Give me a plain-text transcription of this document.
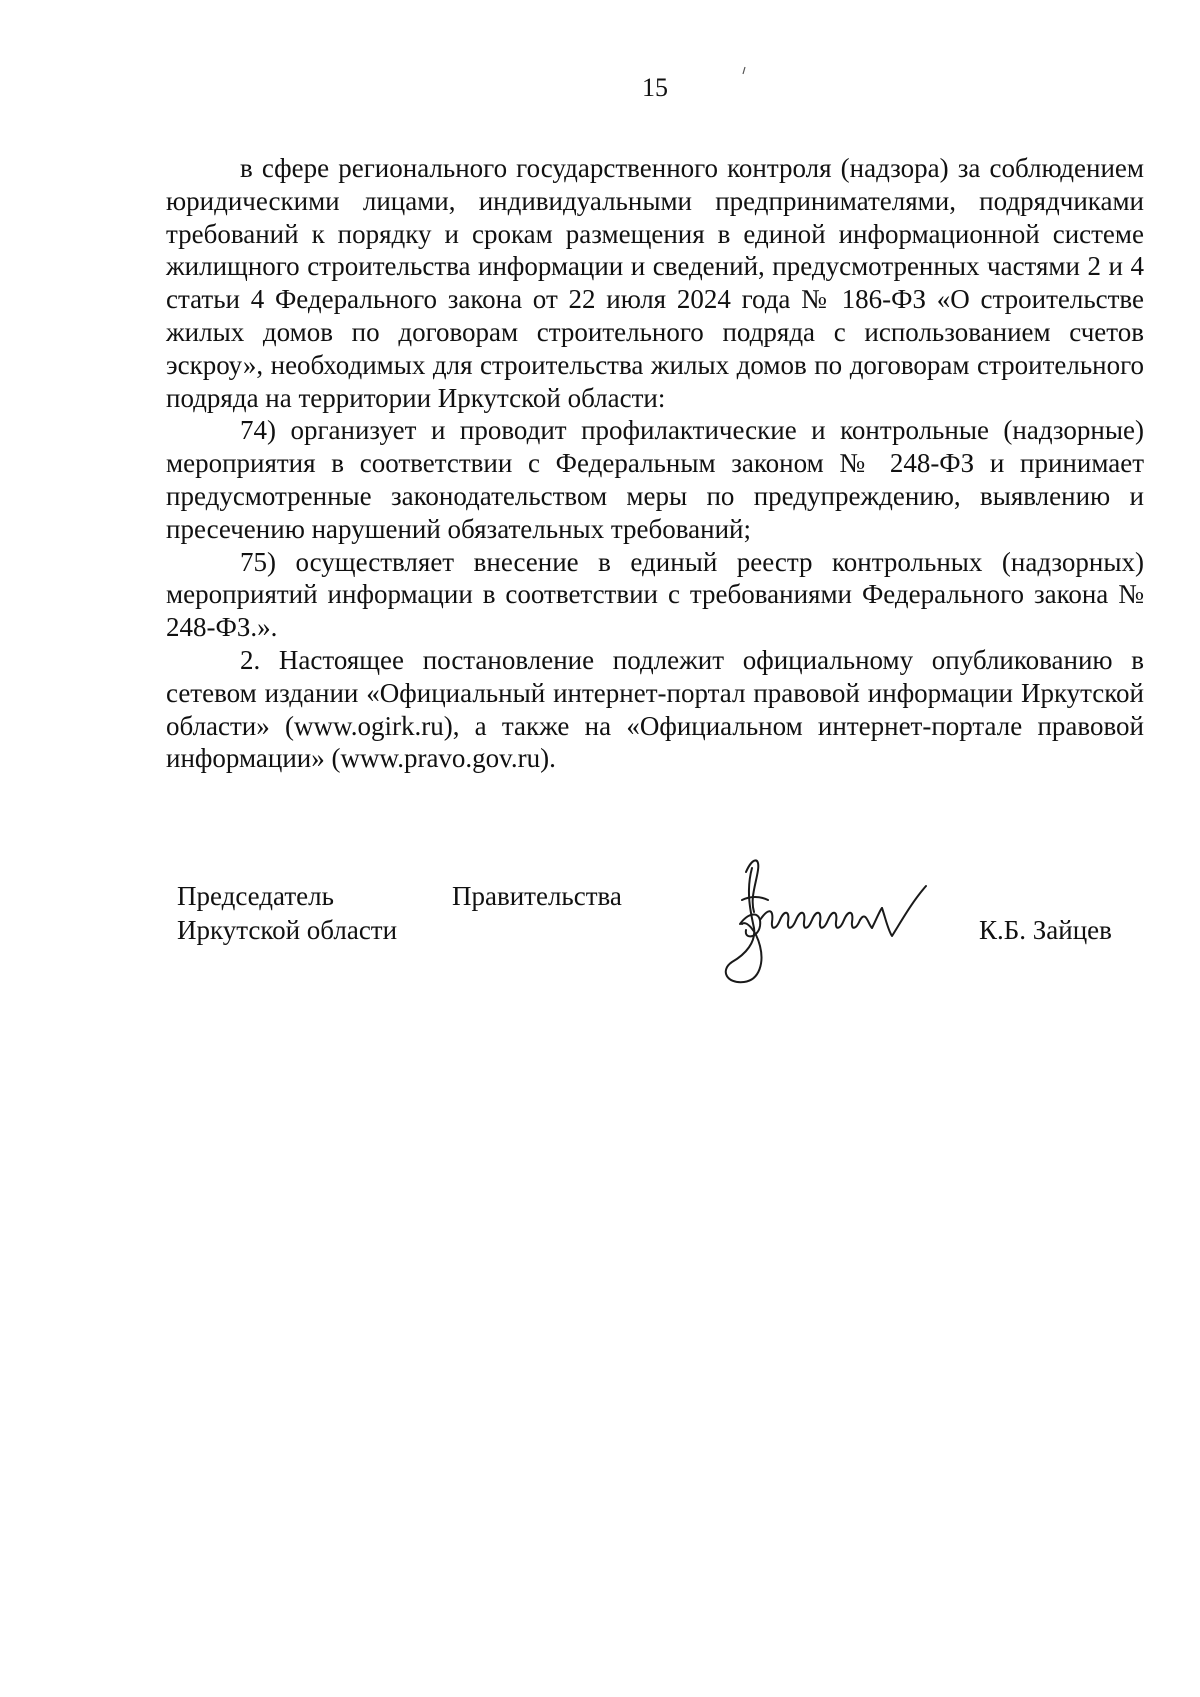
15

в сфере регионального государственного контроля (надзора) за соблюдением юридическими лицами, индивидуальными предпринимателями, подрядчиками требований к порядку и срокам размещения в единой информационной системе жилищного строительства информации и сведений, предусмотренных частями 2 и 4 статьи 4 Федерального закона от 22 июля 2024 года № 186-ФЗ «О строительстве жилых домов по договорам строительного подряда с использованием счетов эскроу», необходимых для строительства жилых домов по договорам строительного подряда на территории Иркутской области:

74) организует и проводит профилактические и контрольные (надзорные) мероприятия в соответствии с Федеральным законом № 248-ФЗ и принимает предусмотренные законодательством меры по предупреждению, выявлению и пресечению нарушений обязательных требований;

75) осуществляет внесение в единый реестр контрольных (надзорных) мероприятий информации в соответствии с требованиями Федерального закона № 248-ФЗ.».

2. Настоящее постановление подлежит официальному опубликованию в сетевом издании «Официальный интернет-портал правовой информации Иркутской области» (www.ogirk.ru), а также на «Официальном интернет-портале правовой информации» (www.pravo.gov.ru).

Председатель	Правительства
Иркутской области	К.Б. Зайцев
